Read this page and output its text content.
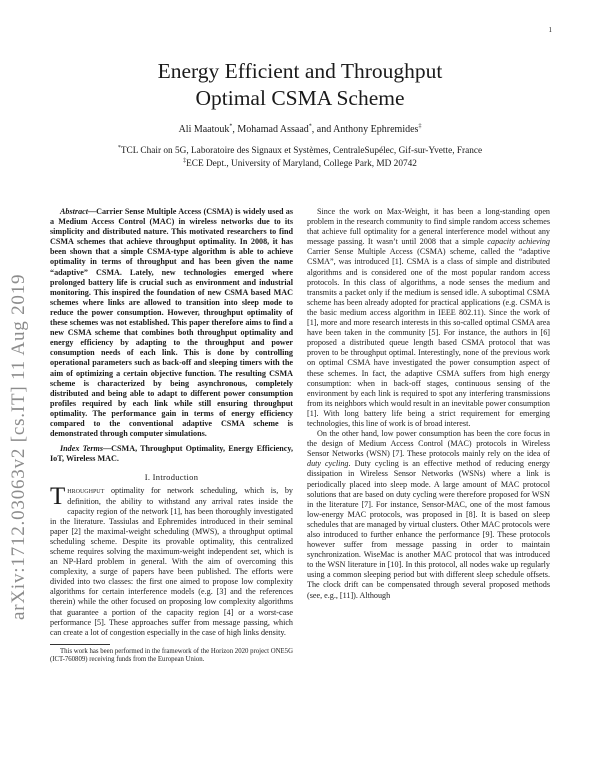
1
arXiv:1712.03063v2 [cs.IT] 11 Aug 2019
Energy Efficient and Throughput
Optimal CSMA Scheme
Ali Maatouk*, Mohamad Assaad*, and Anthony Ephremides‡
*TCL Chair on 5G, Laboratoire des Signaux et Systèmes, CentraleSupélec, Gif-sur-Yvette, France
‡ECE Dept., University of Maryland, College Park, MD 20742

Abstract—Carrier Sense Multiple Access (CSMA) is widely used as a Medium Access Control (MAC) in wireless networks due to its simplicity and distributed nature. This motivated researchers to find CSMA schemes that achieve throughput optimality. In 2008, it has been shown that a simple CSMA-type algorithm is able to achieve optimality in terms of throughput and has been given the name “adaptive” CSMA. Lately, new technologies emerged where prolonged battery life is crucial such as environment and industrial monitoring. This inspired the foundation of new CSMA based MAC schemes where links are allowed to transition into sleep mode to reduce the power consumption. However, throughput optimality of these schemes was not established. This paper therefore aims to find a new CSMA scheme that combines both throughput optimality and energy efficiency by adapting to the throughput and power consumption needs of each link. This is done by controlling operational parameters such as back-off and sleeping timers with the aim of optimizing a certain objective function. The resulting CSMA scheme is characterized by being asynchronous, completely distributed and being able to adapt to different power consumption profiles required by each link while still ensuring throughput optimality. The performance gain in terms of energy efficiency compared to the conventional adaptive CSMA scheme is demonstrated through computer simulations.

Index Terms—CSMA, Throughput Optimality, Energy Efficiency, IoT, Wireless MAC.

I. Introduction

Throughput optimality for network scheduling, which is, by definition, the ability to withstand any arrival rates inside the capacity region of the network [1], has been thoroughly investigated in the literature. Tassiulas and Ephremides introduced in their seminal paper [2] the maximal-weight scheduling (MWS), a throughput optimal scheduling scheme. Despite its provable optimality, this centralized scheme requires solving the maximum-weight independent set, which is an NP-Hard problem in general. With the aim of overcoming this complexity, a surge of papers have been published. The efforts were divided into two classes: the first one aimed to propose low complexity algorithms for certain interference models (e.g. [3] and the references therein) while the other focused on proposing low complexity algorithms that guarantee a portion of the capacity region [4] or a worst-case performance [5]. These approaches suffer from message passing, which can create a lot of congestion especially in the case of high links density.

This work has been performed in the framework of the Horizon 2020 project ONE5G (ICT-760809) receiving funds from the European Union.

Since the work on Max-Weight, it has been a long-standing open problem in the research community to find simple random access schemes that achieve full optimality for a general interference model without any message passing. It wasn’t until 2008 that a simple capacity achieving Carrier Sense Multiple Access (CSMA) scheme, called the “adaptive CSMA”, was introduced [1]. CSMA is a class of simple and distributed algorithms and is considered one of the most popular random access protocols. In this class of algorithms, a node senses the medium and transmits a packet only if the medium is sensed idle. A suboptimal CSMA scheme has been already adopted for practical applications (e.g. CSMA is the basic medium access algorithm in IEEE 802.11). Since the work of [1], more and more research interests in this so-called optimal CSMA area have been taken in the community [5]. For instance, the authors in [6] proposed a distributed queue length based CSMA protocol that was proven to be throughput optimal. Interestingly, none of the previous work on optimal CSMA have investigated the power consumption aspect of these schemes. In fact, the adaptive CSMA suffers from high energy consumption: when in back-off stages, continuous sensing of the environment by each link is required to spot any interfering transmissions from its neighbors which would result in an inevitable power consumption [1]. With long battery life being a strict requirement for emerging technologies, this line of work is of broad interest.

On the other hand, low power consumption has been the core focus in the design of Medium Access Control (MAC) protocols in Wireless Sensor Networks (WSN) [7]. These protocols mainly rely on the idea of duty cycling. Duty cycling is an effective method of reducing energy dissipation in Wireless Sensor Networks (WSNs) where a link is periodically placed into sleep mode. A large amount of MAC protocol solutions that are based on duty cycling were therefore proposed for WSN in the literature [7]. For instance, Sensor-MAC, one of the most famous low-energy MAC protocols, was proposed in [8]. It is based on sleep schedules that are managed by virtual clusters. Other MAC protocols were also introduced to further enhance the performance [9]. These protocols however suffer from message passing in order to maintain synchronization. WiseMac is another MAC protocol that was introduced to the WSN literature in [10]. In this protocol, all nodes wake up regularly using a common sleeping period but with different sleep schedule offsets. The clock drift can be compensated through several proposed methods (see, e.g., [11]). Although
